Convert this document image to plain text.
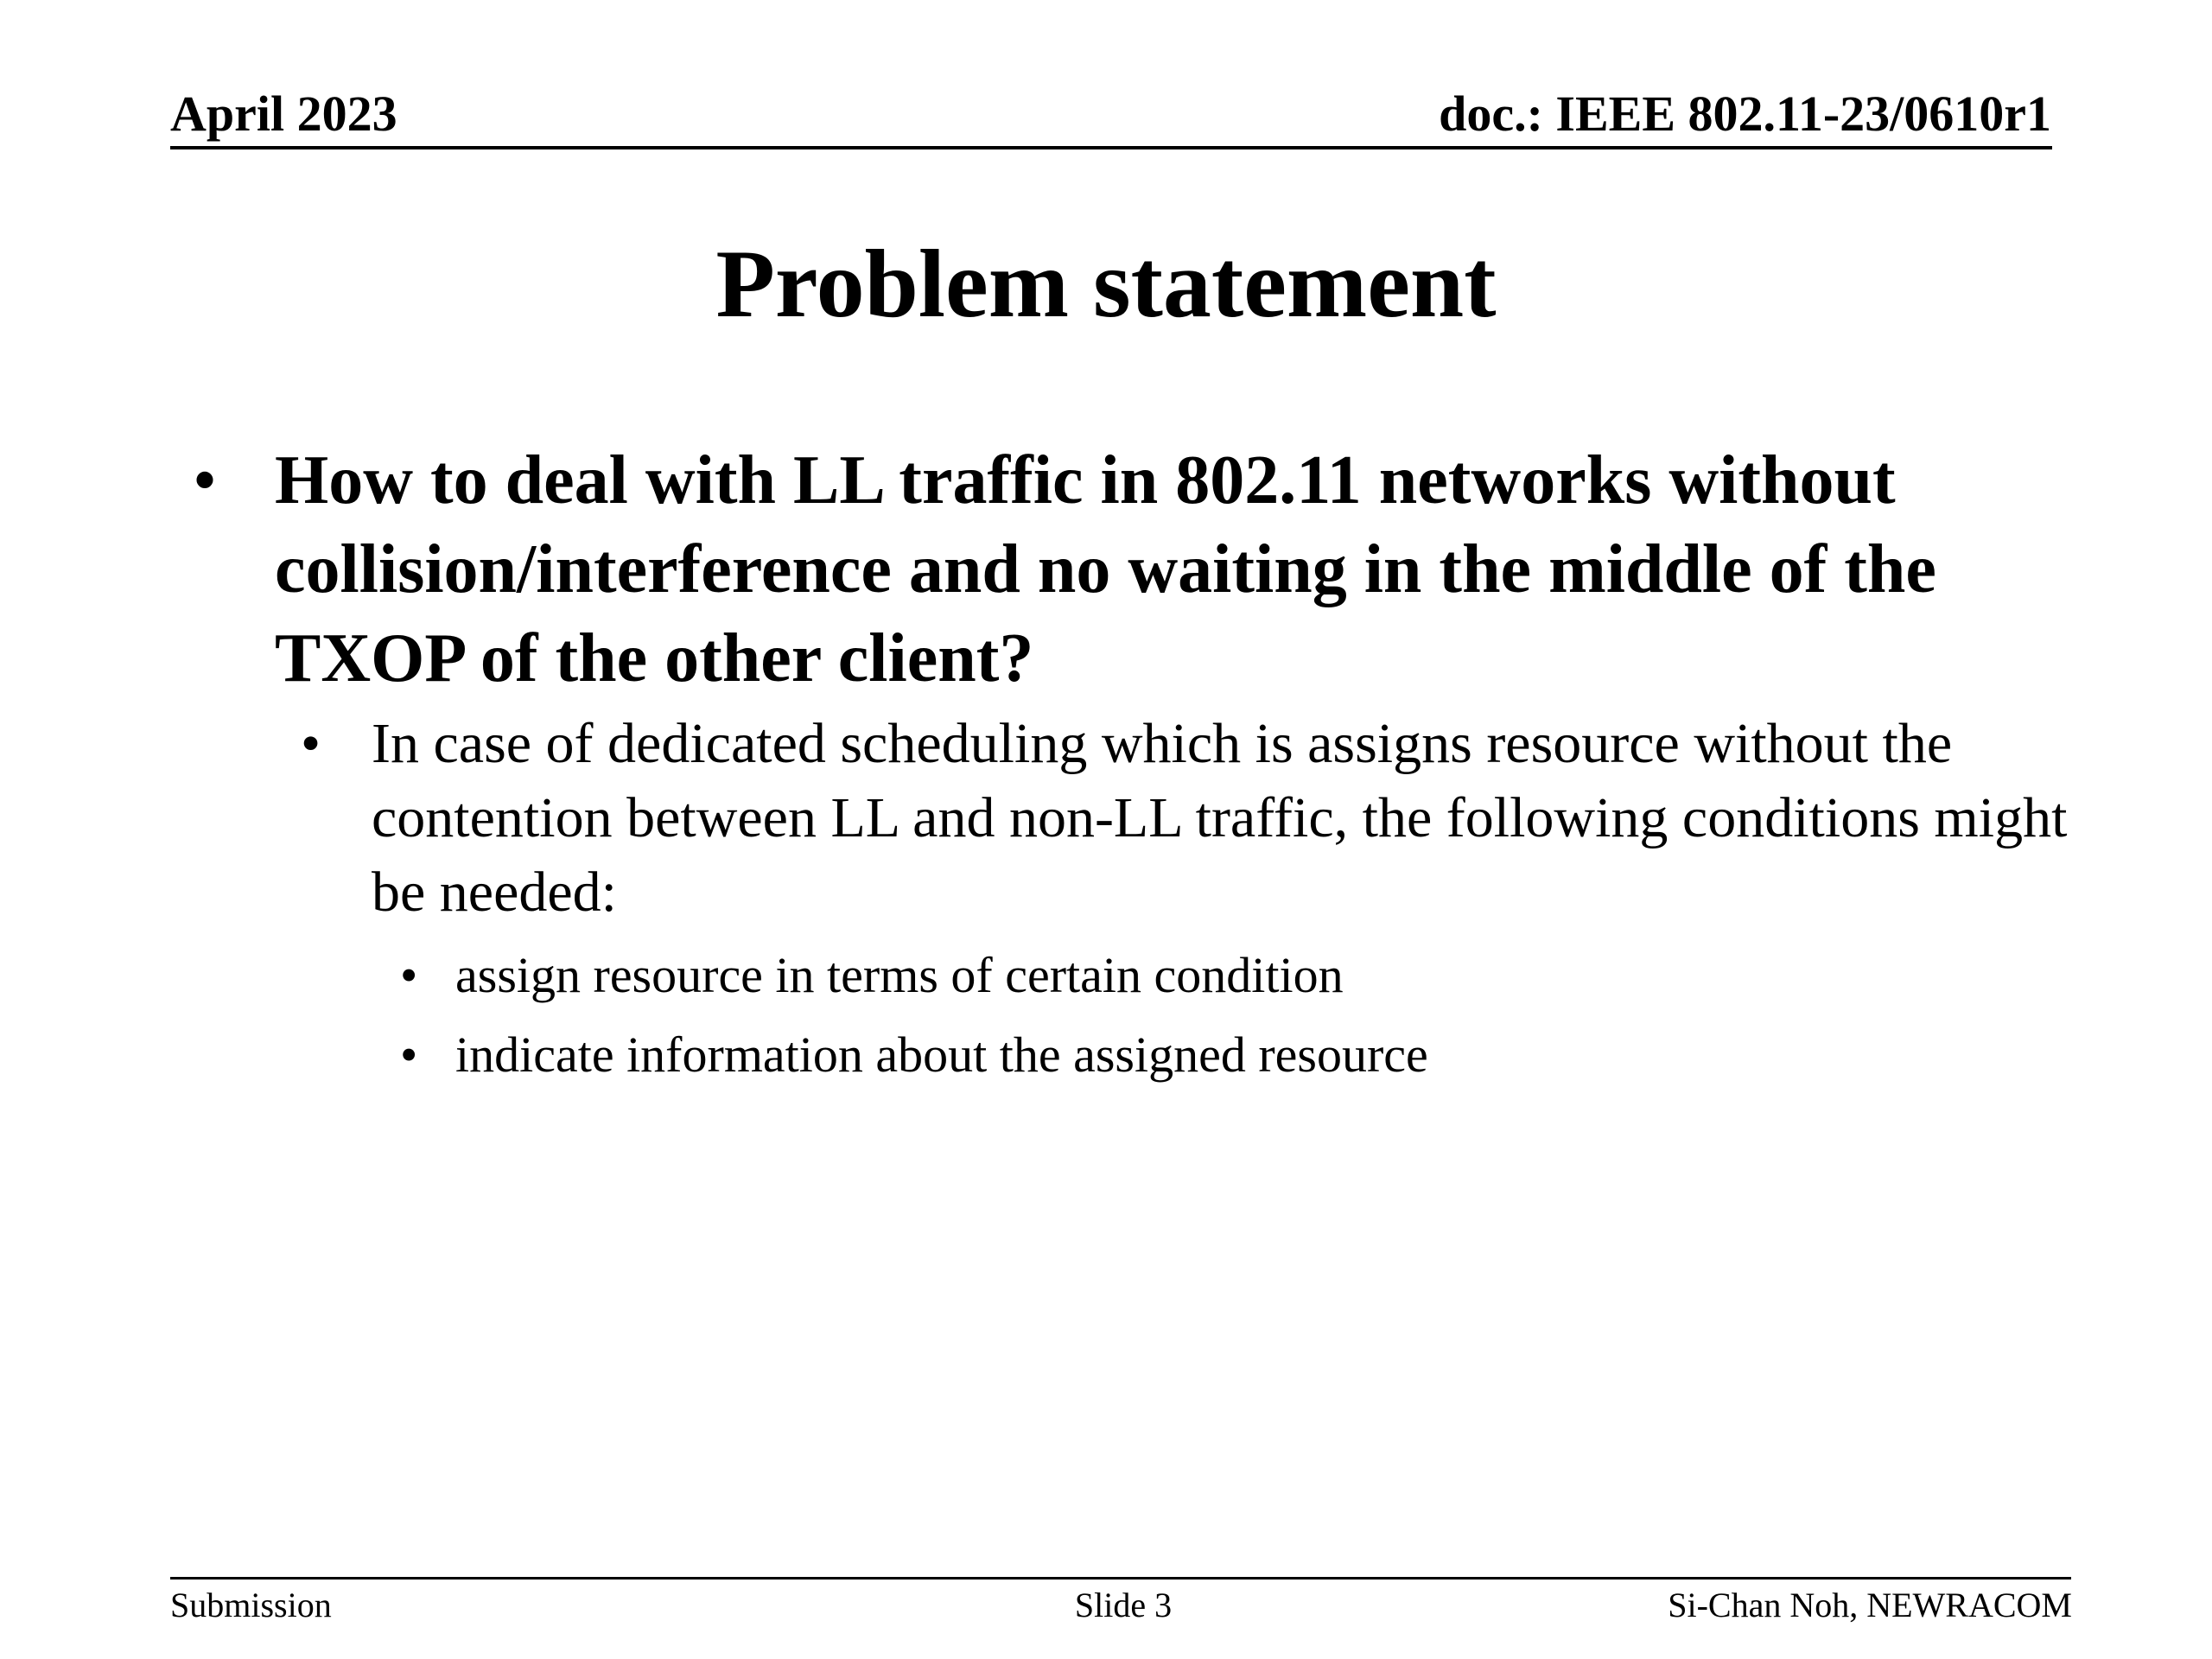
April 2023	doc.: IEEE 802.11-23/0610r1
Problem statement
• How to deal with LL traffic in 802.11 networks without collision/interference and no waiting in the middle of the TXOP of the other client?
• In case of dedicated scheduling which is assigns resource without the contention between LL and non-LL traffic, the following conditions might be needed:
• assign resource in terms of certain condition
• indicate information about the assigned resource
Submission	Slide 3	Si-Chan Noh, NEWRACOM
